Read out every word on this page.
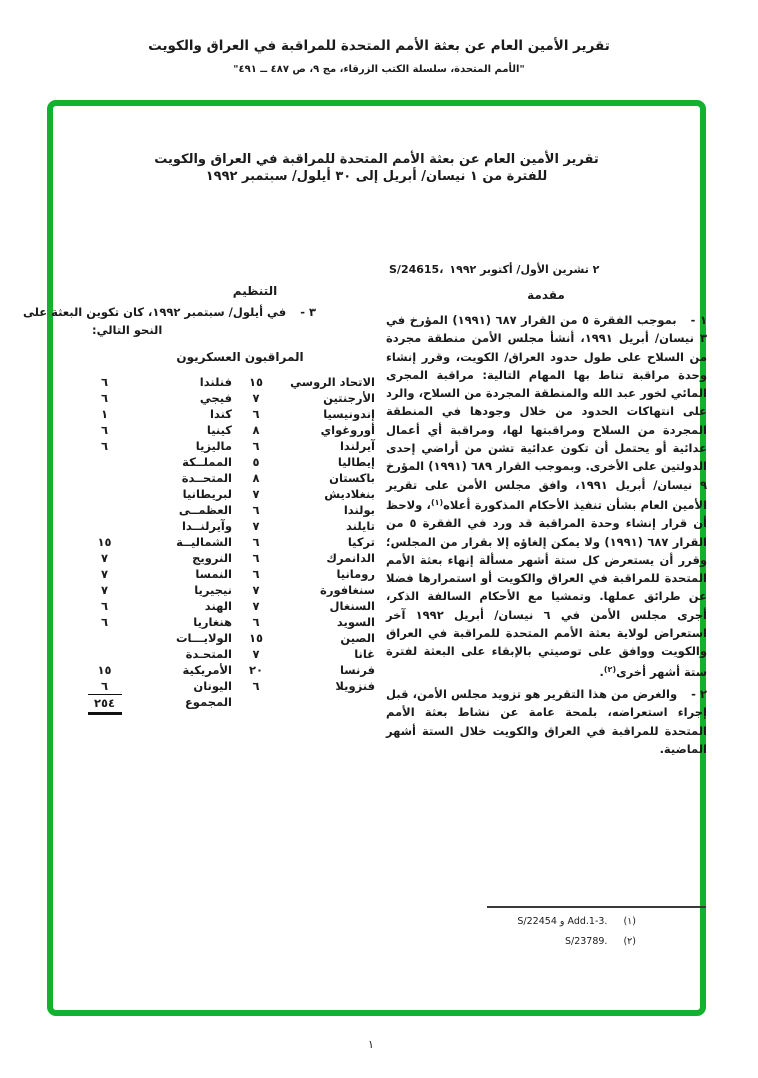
تقرير الأمين العام عن بعثة الأمم المتحدة للمراقبة في العراق والكويت
"الأمم المتحدة، سلسلة الكتب الزرقاء، مج ٩، ص ٤٨٧ ــ ٤٩١"
تقرير الأمين العام عن بعثة الأمم المتحدة للمراقبة في العراق والكويت
للفترة من ١ نيسان/ أبريل إلى ٣٠ أيلول/ سبتمبر ١٩٩٢
S/24615، ٢ تشرين الأول/ أكتوبر ١٩٩٢
مقدمة

١ -بموجب الفقرة ٥ من القرار ٦٨٧ (١٩٩١) المؤرخ في ٣ نيسان/ أبريل ١٩٩١، أنشأ مجلس الأمن منطقة مجردة من السلاح على طول حدود العراق/ الكويت، وقرر إنشاء وحدة مراقبة تناط بها المهام التالية: مراقبة المجرى المائي لخور عبد الله والمنطقة المجردة من السلاح، والرد على انتهاكات الحدود من خلال وجودها في المنطقة المجردة من السلاح ومراقبتها لها، ومراقبة أي أعمال عدائية أو يحتمل أن تكون عدائية تشن من أراضي إحدى الدولتين على الأخرى. وبموجب القرار ٦٨٩ (١٩٩١) المؤرخ ٩ نيسان/ أبريل ١٩٩١، وافق مجلس الأمن على تقرير الأمين العام بشأن تنفيذ الأحكام المذكورة أعلاه$^{(١)}$، ولاحظ أن قرار إنشاء وحدة المراقبة قد ورد في الفقرة ٥ من القرار ٦٨٧ (١٩٩١) ولا يمكن إلغاؤه إلا بقرار من المجلس؛ وقرر أن يستعرض كل ستة أشهر مسألة إنهاء بعثة الأمم المتحدة للمراقبة في العراق والكويت أو استمرارها فضلا عن طرائق عملها. وتمشيا مع الأحكام السالفة الذكر، أجرى مجلس الأمن في ٦ نيسان/ أبريل ١٩٩٢ آخر استعراض لولاية بعثة الأمم المتحدة للمراقبة في العراق والكويت ووافق على توصيتي بالإبقاء على البعثة لفترة ستة أشهر أخرى$^{(٢)}$.

٢ -والغرض من هذا التقرير هو تزويد مجلس الأمن، قبل إجراء استعراضه، بلمحة عامة عن نشاط بعثة الأمم المتحدة للمراقبة في العراق والكويت خلال الستة أشهر الماضية.

التنظيم
٣ -في أيلول/ سبتمبر ١٩٩٢، كان تكوين البعثة على
النحو التالي:
المراقبون العسكريون
الاتحاد الروسي
١٥
فنلندا
٦
الأرجنتين
٧
فيجي
٦
إندونيسيا
٦
كندا
١
أوروغواي
٨
كينيا
٦
آيرلندا
٦
ماليزيا
٦
إيطاليا
٥
المملــكة
باكستان
٨
المتحــدة
بنغلاديش
٧
لبريطانيا
بولندا
٦
العظمــى
تايلند
٧
وآيرلنــدا
تركيا
٦
الشماليــة
١٥
الدانمرك
٦
النرويج
٧
رومانيا
٦
النمسا
٧
سنغافورة
٧
نيجيريا
٧
السنغال
٧
الهند
٦
السويد
٦
هنغاريا
٦
الصين
١٥
الولايـــات
غانا
٧
المتحـدة
فرنسا
٢٠
الأمريكية
١٥
فنزويلا
٦
اليونان
٦
المجموع
٢٥٤
(١)
S/22454 و Add.1-3.
(٢)
S/23789.
١
